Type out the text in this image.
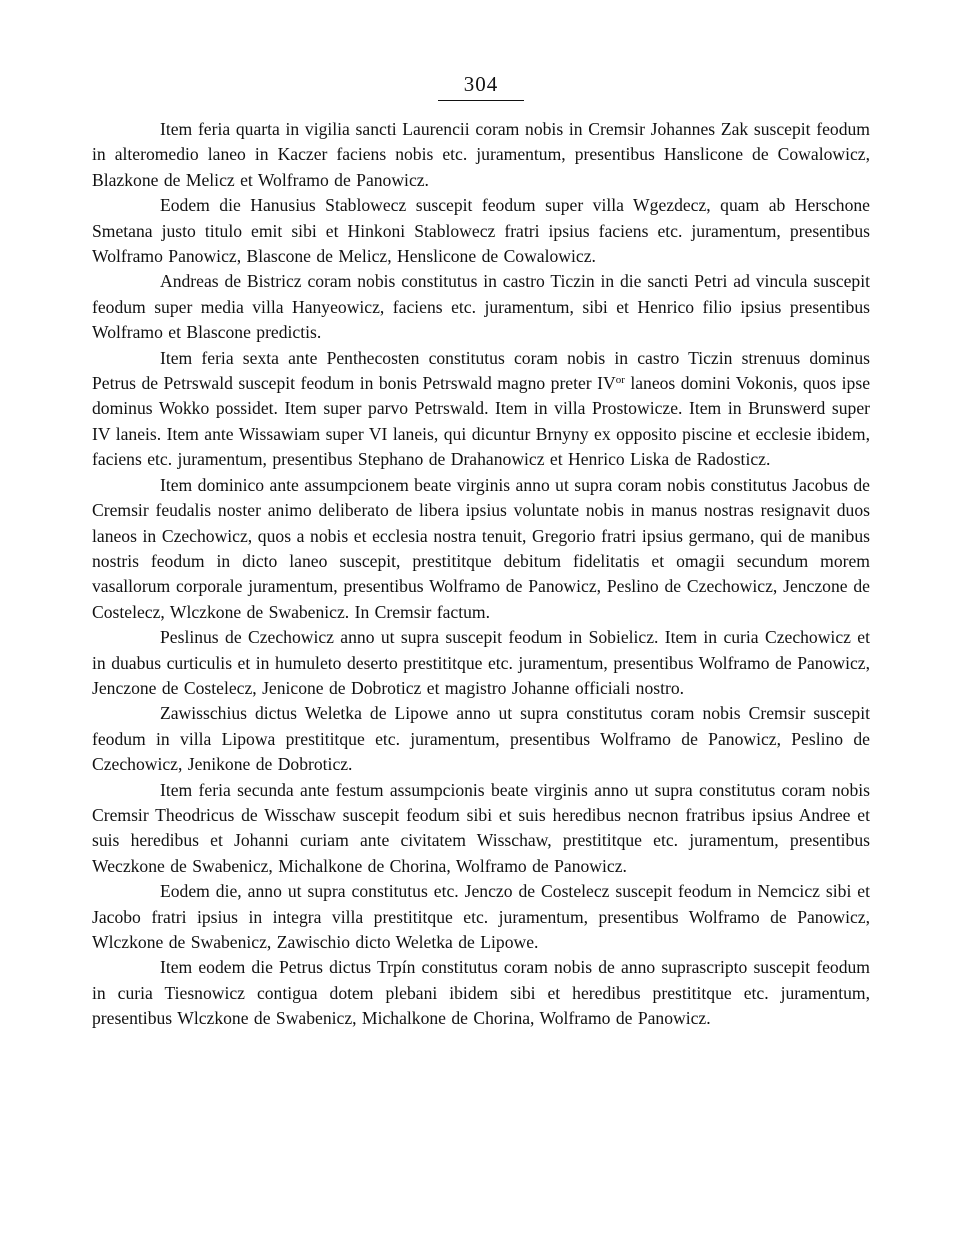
304

Item feria quarta in vigilia sancti Laurencii coram nobis in Cremsir Johannes Zak suscepit feodum in alteromedio laneo in Kaczer faciens nobis etc. juramentum, presentibus Hanslicone de Cowalowicz, Blazkone de Melicz et Wolframo de Panowicz.

Eodem die Hanusius Stablowecz suscepit feodum super villa Wgezdecz, quam ab Herschone Smetana justo titulo emit sibi et Hinkoni Stablowecz fratri ipsius faciens etc. juramentum, presentibus Wolframo Panowicz, Blascone de Melicz, Henslicone de Cowalowicz.

Andreas de Bistricz coram nobis constitutus in castro Ticzin in die sancti Petri ad vincula suscepit feodum super media villa Hanyeowicz, faciens etc. juramentum, sibi et Henrico filio ipsius presentibus Wolframo et Blascone predictis.

Item feria sexta ante Penthecosten constitutus coram nobis in castro Ticzin strenuus dominus Petrus de Petrswald suscepit feodum in bonis Petrswald magno preter $IV^{or}$ laneos domini Vokonis, quos ipse dominus Wokko possidet. Item super parvo Petrswald. Item in villa Prostowicze. Item in Brunswerd super IV laneis. Item ante Wissawiam super VI laneis, qui dicuntur Brnyny ex opposito piscine et ecclesie ibidem, faciens etc. juramentum, presentibus Stephano de Drahanowicz et Henrico Liska de Radosticz.

Item dominico ante assumpcionem beate virginis anno ut supra coram nobis constitutus Jacobus de Cremsir feudalis noster animo deliberato de libera ipsius voluntate nobis in manus nostras resignavit duos laneos in Czechowicz, quos a nobis et ecclesia nostra tenuit, Gregorio fratri ipsius germano, qui de manibus nostris feodum in dicto laneo suscepit, prestititque debitum fidelitatis et omagii secundum morem vasallorum corporale juramentum, presentibus Wolframo de Panowicz, Peslino de Czechowicz, Jenczone de Costelecz, Wlczkone de Swabenicz. In Cremsir factum.

Peslinus de Czechowicz anno ut supra suscepit feodum in Sobielicz. Item in curia Czechowicz et in duabus curticulis et in humuleto deserto prestititque etc. juramentum, presentibus Wolframo de Panowicz, Jenczone de Costelecz, Jenicone de Dobroticz et magistro Johanne officiali nostro.

Zawisschius dictus Weletka de Lipowe anno ut supra constitutus coram nobis Cremsir suscepit feodum in villa Lipowa prestititque etc. juramentum, presentibus Wolframo de Panowicz, Peslino de Czechowicz, Jenikone de Dobroticz.

Item feria secunda ante festum assumpcionis beate virginis anno ut supra constitutus coram nobis Cremsir Theodricus de Wisschaw suscepit feodum sibi et suis heredibus necnon fratribus ipsius Andree et suis heredibus et Johanni curiam ante civitatem Wisschaw, prestititque etc. juramentum, presentibus Weczkone de Swabenicz, Michalkone de Chorina, Wolframo de Panowicz.

Eodem die, anno ut supra constitutus etc. Jenczo de Costelecz suscepit feodum in Nemcicz sibi et Jacobo fratri ipsius in integra villa prestititque etc. juramentum, presentibus Wolframo de Panowicz, Wlczkone de Swabenicz, Zawischio dicto Weletka de Lipowe.

Item eodem die Petrus dictus Trpín constitutus coram nobis de anno suprascripto suscepit feodum in curia Tiesnowicz contigua dotem plebani ibidem sibi et heredibus prestititque etc. juramentum, presentibus Wlczkone de Swabenicz, Michalkone de Chorina, Wolframo de Panowicz.
